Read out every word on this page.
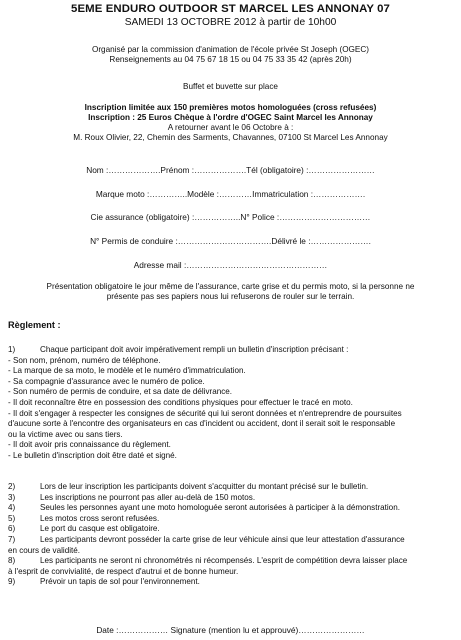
5EME ENDURO OUTDOOR ST MARCEL LES ANNONAY 07
SAMEDI 13 OCTOBRE 2012 à partir de 10h00
Organisé par la commission d'animation de l'école privée St Joseph (OGEC)
Renseignements au 04 75 67 18 15 ou 04 75 33 35 42 (après 20h)
Buffet et buvette sur place
Inscription limitée aux 150 premières motos homologuées (cross refusées)
Inscription : 25 Euros Chèque à l'ordre d'OGEC Saint Marcel les Annonay
A retourner avant le 06 Octobre à :
M. Roux Olivier, 22, Chemin des Sarments, Chavannes, 07100 St Marcel Les Annonay
Nom :……………….Prénom :……………….Tél (obligatoire) :……………………
Marque moto :…………..Modèle :…………Immatriculation :……………….
Cie assurance (obligatoire) :……………..N° Police :……………………………
N° Permis de conduire :…………………………….Délivré le :………………….
Adresse mail :……………………………………………
Présentation obligatoire le jour même de l'assurance, carte grise et du permis moto, si la personne ne
présente pas ses papiers nous lui refuserons de rouler sur le terrain.
Règlement :
1)	Chaque participant doit avoir impérativement rempli un bulletin d'inscription précisant :
- Son nom, prénom, numéro de téléphone.
- La marque de sa moto, le modèle et le numéro d'immatriculation.
- Sa compagnie d'assurance avec le numéro de police.
- Son numéro de permis de conduire, et sa date de délivrance.
- Il doit reconnaître être en possession des conditions physiques pour effectuer le tracé en moto.
- Il doit s'engager à respecter les consignes de sécurité qui lui seront données et n'entreprendre de poursuites
d'aucune sorte à l'encontre des organisateurs en cas d'incident ou accident, dont il serait soit le responsable
ou la victime avec ou sans tiers.
- Il doit avoir pris connaissance du règlement.
- Le bulletin d'inscription doit être daté et signé.
2)	Lors de leur inscription les participants doivent s'acquitter du montant précisé sur le bulletin.
3)	Les inscriptions ne pourront pas aller au-delà de 150 motos.
4)	Seules les personnes ayant une moto homologuée seront autorisées à participer à la démonstration.
5)	Les motos cross seront refusées.
6)	Le port du casque est obligatoire.
7)	Les participants devront posséder la carte grise de leur véhicule ainsi que leur attestation d'assurance
en cours de validité.
8)	Les participants ne seront ni chronométrés ni récompensés. L'esprit de compétition devra laisser place
à l'esprit de convivialité, de respect d'autrui et de bonne humeur.
9)	Prévoir un tapis de sol pour l'environnement.
Date :……………… Signature (mention lu et approuvé)……………………
